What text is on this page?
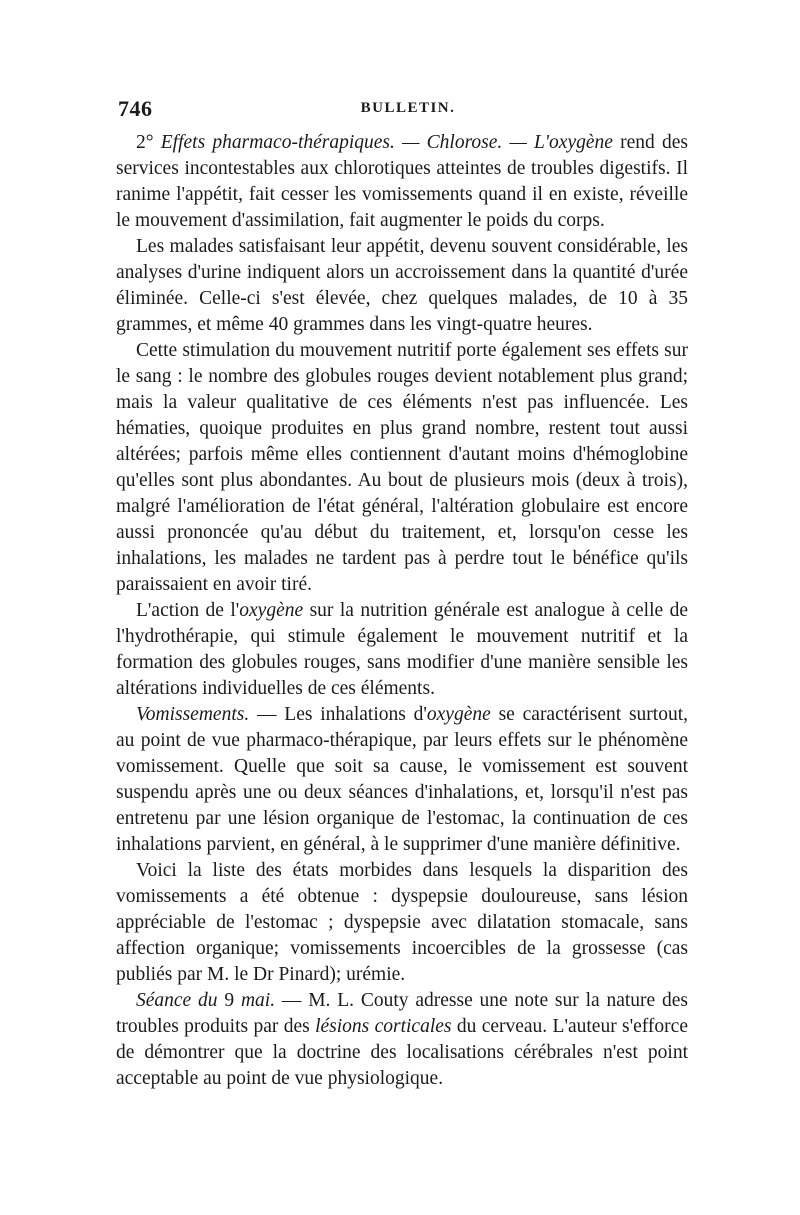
746	BULLETIN.

2° Effets pharmaco-thérapiques. — Chlorose. — L'oxygène rend des services incontestables aux chlorotiques atteintes de troubles digestifs. Il ranime l'appétit, fait cesser les vomissements quand il en existe, réveille le mouvement d'assimilation, fait augmenter le poids du corps.

Les malades satisfaisant leur appétit, devenu souvent considérable, les analyses d'urine indiquent alors un accroissement dans la quantité d'urée éliminée. Celle-ci s'est élevée, chez quelques malades, de 10 à 35 grammes, et même 40 grammes dans les vingt-quatre heures.

Cette stimulation du mouvement nutritif porte également ses effets sur le sang : le nombre des globules rouges devient notablement plus grand; mais la valeur qualitative de ces éléments n'est pas influencée. Les hématies, quoique produites en plus grand nombre, restent tout aussi altérées; parfois même elles contiennent d'autant moins d'hémoglobine qu'elles sont plus abondantes. Au bout de plusieurs mois (deux à trois), malgré l'amélioration de l'état général, l'altération globulaire est encore aussi prononcée qu'au début du traitement, et, lorsqu'on cesse les inhalations, les malades ne tardent pas à perdre tout le bénéfice qu'ils paraissaient en avoir tiré.

L'action de l'oxygène sur la nutrition générale est analogue à celle de l'hydrothérapie, qui stimule également le mouvement nutritif et la formation des globules rouges, sans modifier d'une manière sensible les altérations individuelles de ces éléments.

Vomissements. — Les inhalations d'oxygène se caractérisent surtout, au point de vue pharmaco-thérapique, par leurs effets sur le phénomène vomissement. Quelle que soit sa cause, le vomissement est souvent suspendu après une ou deux séances d'inhalations, et, lorsqu'il n'est pas entretenu par une lésion organique de l'estomac, la continuation de ces inhalations parvient, en général, à le supprimer d'une manière définitive.

Voici la liste des états morbides dans lesquels la disparition des vomissements a été obtenue : dyspepsie douloureuse, sans lésion appréciable de l'estomac ; dyspepsie avec dilatation stomacale, sans affection organique; vomissements incoercibles de la grossesse (cas publiés par M. le Dr Pinard); urémie.

Séance du 9 mai. — M. L. Couty adresse une note sur la nature des troubles produits par des lésions corticales du cerveau. L'auteur s'efforce de démontrer que la doctrine des localisations cérébrales n'est point acceptable au point de vue physiologique.
